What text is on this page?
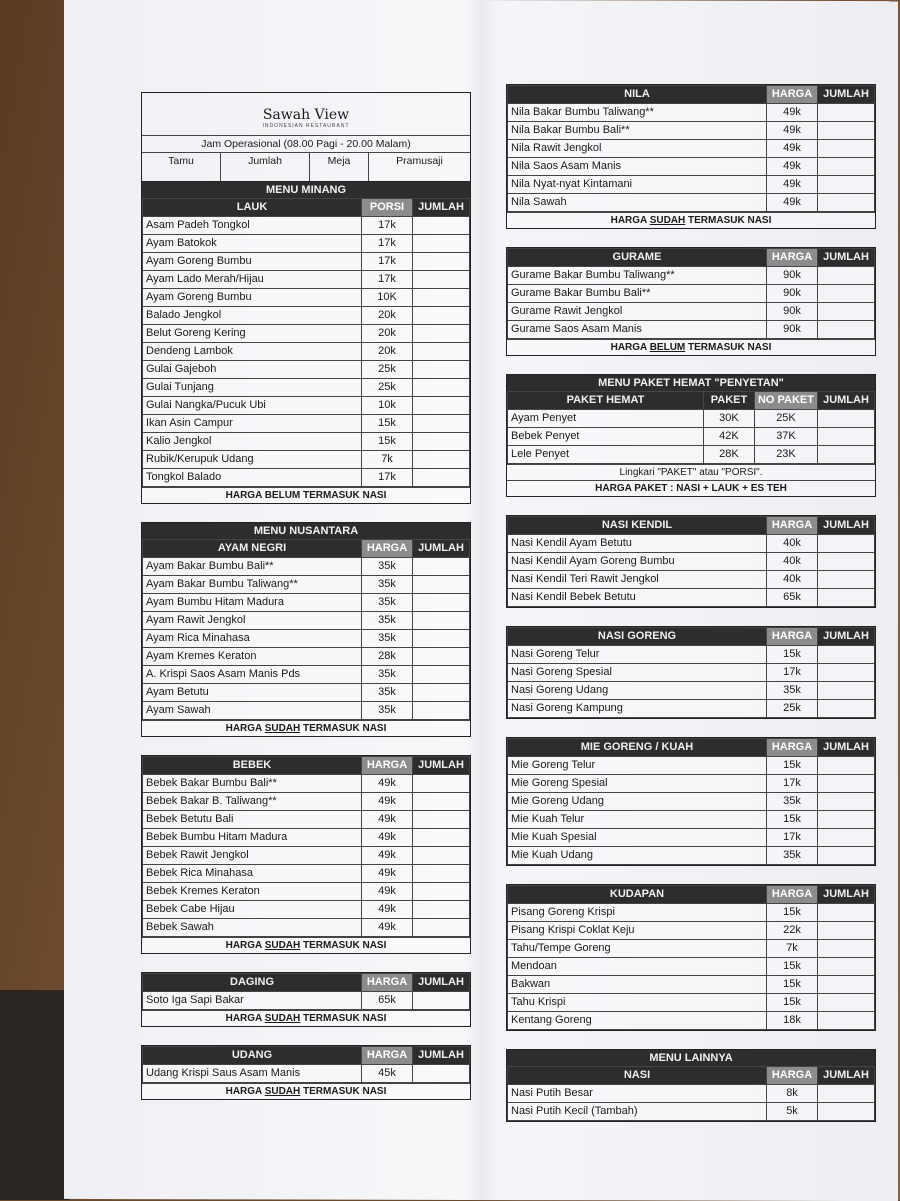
Sawah View
INDONESIAN RESTAURANT
Jam Operasional (08.00 Pagi - 20.00 Malam)
Tamu	Jumlah	Meja	Pramusaji
MENU MINANG
LAUK	PORSI	JUMLAH
Asam Padeh Tongkol	17k	
Ayam Batokok	17k	
Ayam Goreng Bumbu	17k	
Ayam Lado Merah/Hijau	17k	
Ayam Goreng Bumbu	10K	
Balado Jengkol	20k	
Belut Goreng Kering	20k	
Dendeng Lambok	20k	
Gulai Gajeboh	25k	
Gulai Tunjang	25k	
Gulai Nangka/Pucuk Ubi	10k	
Ikan Asin Campur	15k	
Kalio Jengkol	15k	
Rubik/Kerupuk Udang	7k	
Tongkol Balado	17k	
HARGA BELUM TERMASUK NASI
MENU NUSANTARA
AYAM NEGRI	HARGA	JUMLAH
Ayam Bakar Bumbu Bali**	35k	
Ayam Bakar Bumbu Taliwang**	35k	
Ayam Bumbu Hitam Madura	35k	
Ayam Rawit Jengkol	35k	
Ayam Rica Minahasa	35k	
Ayam Kremes Keraton	28k	
A. Krispi Saos Asam Manis Pds	35k	
Ayam Betutu	35k	
Ayam Sawah	35k	
HARGA SUDAH TERMASUK NASI
BEBEK	HARGA	JUMLAH
Bebek Bakar Bumbu Bali**	49k	
Bebek Bakar B. Taliwang**	49k	
Bebek Betutu Bali	49k	
Bebek Bumbu Hitam Madura	49k	
Bebek Rawit Jengkol	49k	
Bebek Rica Minahasa	49k	
Bebek Kremes Keraton	49k	
Bebek Cabe Hijau	49k	
Bebek Sawah	49k	
HARGA SUDAH TERMASUK NASI
DAGING	HARGA	JUMLAH
Soto Iga Sapi Bakar	65k	
HARGA SUDAH TERMASUK NASI
UDANG	HARGA	JUMLAH
Udang Krispi Saus Asam Manis	45k	
HARGA SUDAH TERMASUK NASI
NILA	HARGA	JUMLAH
Nila Bakar Bumbu Taliwang**	49k	
Nila Bakar Bumbu Bali**	49k	
Nila Rawit Jengkol	49k	
Nila Saos Asam Manis	49k	
Nila Nyat-nyat Kintamani	49k	
Nila Sawah	49k	
HARGA SUDAH TERMASUK NASI
GURAME	HARGA	JUMLAH
Gurame Bakar Bumbu Taliwang**	90k	
Gurame Bakar Bumbu Bali**	90k	
Gurame Rawit Jengkol	90k	
Gurame Saos Asam Manis	90k	
HARGA BELUM TERMASUK NASI
MENU PAKET HEMAT "PENYETAN"
PAKET HEMAT	PAKET	NO PAKET	JUMLAH
Ayam Penyet	30K	25K	
Bebek Penyet	42K	37K	
Lele Penyet	28K	23K	
Lingkari "PAKET" atau "PORSI".
HARGA PAKET : NASI + LAUK + ES TEH
NASI KENDIL	HARGA	JUMLAH
Nasi Kendil Ayam Betutu	40k	
Nasi Kendil Ayam Goreng Bumbu	40k	
Nasi Kendil Teri Rawit Jengkol	40k	
Nasi Kendil Bebek Betutu	65k	
NASI GORENG	HARGA	JUMLAH
Nasi Goreng Telur	15k	
Nasi Goreng Spesial	17k	
Nasi Goreng Udang	35k	
Nasi Goreng Kampung	25k	
MIE GORENG / KUAH	HARGA	JUMLAH
Mie Goreng Telur	15k	
Mie Goreng Spesial	17k	
Mie Goreng Udang	35k	
Mie Kuah Telur	15k	
Mie Kuah Spesial	17k	
Mie Kuah Udang	35k	
KUDAPAN	HARGA	JUMLAH
Pisang Goreng Krispi	15k	
Pisang Krispi Coklat Keju	22k	
Tahu/Tempe Goreng	7k	
Mendoan	15k	
Bakwan	15k	
Tahu Krispi	15k	
Kentang Goreng	18k	
MENU LAINNYA
NASI	HARGA	JUMLAH
Nasi Putih Besar	8k	
Nasi Putih Kecil (Tambah)	5k	
